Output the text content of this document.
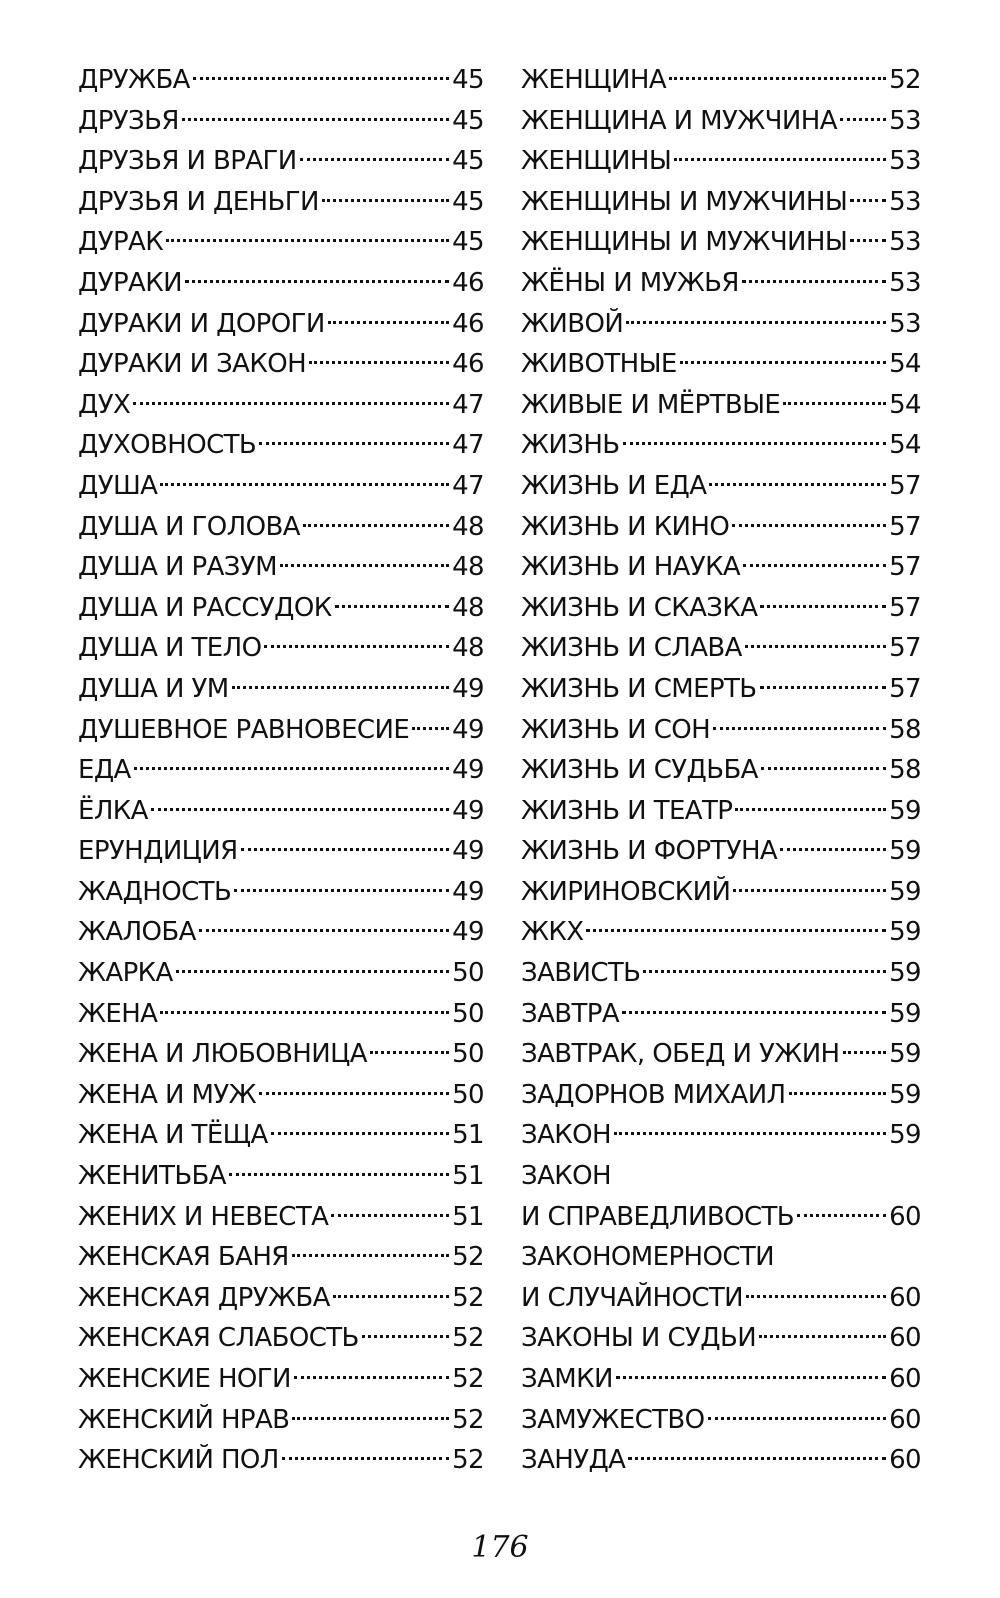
ДРУЖБА	45
ДРУЗЬЯ	45
ДРУЗЬЯ И ВРАГИ	45
ДРУЗЬЯ И ДЕНЬГИ	45
ДУРАК	45
ДУРАКИ	46
ДУРАКИ И ДОРОГИ	46
ДУРАКИ И ЗАКОН	46
ДУХ	47
ДУХОВНОСТЬ	47
ДУША	47
ДУША И ГОЛОВА	48
ДУША И РАЗУМ	48
ДУША И РАССУДОК	48
ДУША И ТЕЛО	48
ДУША И УМ	49
ДУШЕВНОЕ РАВНОВЕСИЕ 49
ЕДА	49
ЁЛКА	49
ЕРУНДИЦИЯ	49
ЖАДНОСТЬ	49
ЖАЛОБА	49
ЖАРКА	50
ЖЕНА	50
ЖЕНА И ЛЮБОВНИЦА	50
ЖЕНА И МУЖ	50
ЖЕНА И ТЁЩА	51
ЖЕНИТЬБА	51
ЖЕНИХ И НЕВЕСТА	51
ЖЕНСКАЯ БАНЯ	52
ЖЕНСКАЯ ДРУЖБА	52
ЖЕНСКАЯ СЛАБОСТЬ	52
ЖЕНСКИЕ НОГИ	52
ЖЕНСКИЙ НРАВ	52
ЖЕНСКИЙ ПОЛ	52
ЖЕНЩИНА	52
ЖЕНЩИНА И МУЖЧИНА 53
ЖЕНЩИНЫ	53
ЖЕНЩИНЫ И МУЖЧИНЫ 53
ЖЕНЩИНЫ И МУЖЧИНЫ 53
ЖЁНЫ И МУЖЬЯ	53
ЖИВОЙ	53
ЖИВОТНЫЕ	54
ЖИВЫЕ И МЁРТВЫЕ	54
ЖИЗНЬ	54
ЖИЗНЬ И ЕДА	57
ЖИЗНЬ И КИНО	57
ЖИЗНЬ И НАУКА	57
ЖИЗНЬ И СКАЗКА	57
ЖИЗНЬ И СЛАВА	57
ЖИЗНЬ И СМЕРТЬ	57
ЖИЗНЬ И СОН	58
ЖИЗНЬ И СУДЬБА	58
ЖИЗНЬ И ТЕАТР	59
ЖИЗНЬ И ФОРТУНА	59
ЖИРИНОВСКИЙ	59
ЖКХ	59
ЗАВИСТЬ	59
ЗАВТРА	59
ЗАВТРАК, ОБЕД И УЖИН 59
ЗАДОРНОВ МИХАИЛ	59
ЗАКОН	59
ЗАКОН
И СПРАВЕДЛИВОСТЬ	60
ЗАКОНОМЕРНОСТИ
И СЛУЧАЙНОСТИ	60
ЗАКОНЫ И СУДЬИ	60
ЗАМКИ	60
ЗАМУЖЕСТВО	60
ЗАНУДА	60
176
